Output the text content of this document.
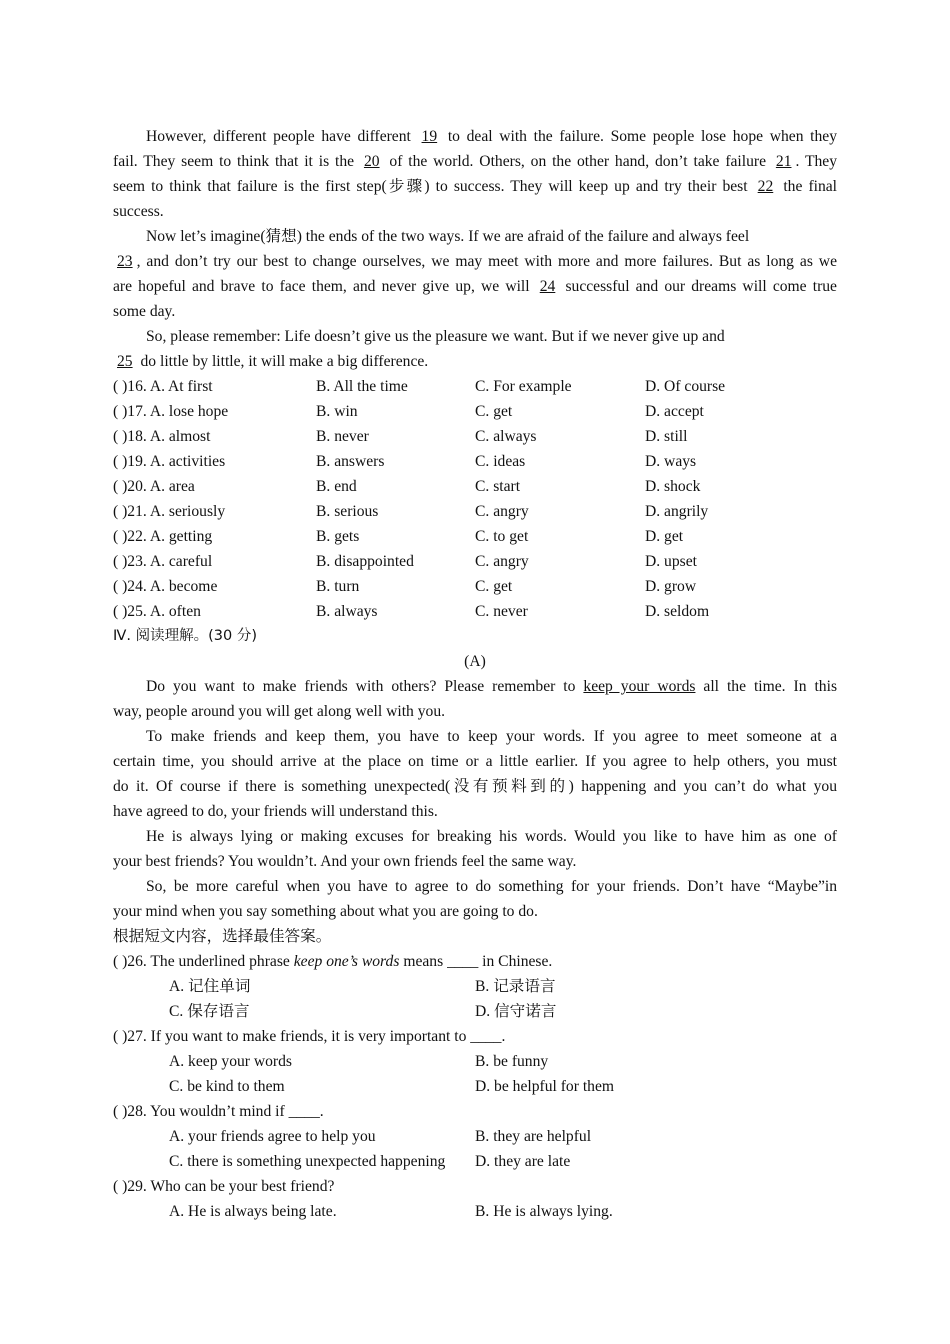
However, different people have different 19 to deal with the failure. Some people lose hope when they
fail. They seem to think that it is the 20 of the world. Others, on the other hand, don’t take failure 21 . They
seem to think that failure is the first step(步骤) to success. They will keep up and try their best 22 the final
success.
Now let’s imagine(猜想) the ends of the two ways. If we are afraid of the failure and always feel
23 , and don’t try our best to change ourselves, we may meet with more and more failures. But as long as we
are hopeful and brave to face them, and never give up, we will 24 successful and our dreams will come true
some day.
So, please remember: Life doesn’t give us the pleasure we want. But if we never give up and
25 do little by little, it will make a big difference.
( )16. A. At first	B. All the time	C. For example	D. Of course
( )17. A. lose hope	B. win	C. get	D. accept
( )18. A. almost	B. never	C. always	D. still
( )19. A. activities	B. answers	C. ideas	D. ways
( )20. A. area	B. end	C. start	D. shock
( )21. A. seriously	B. serious	C. angry	D. angrily
( )22. A. getting	B. gets	C. to get	D. get
( )23. A. careful	B. disappointed	C. angry	D. upset
( )24. A. become	B. turn	C. get	D. grow
( )25. A. often	B. always	C. never	D. seldom
Ⅳ. 阅读理解。(30 分)
(A)
Do you want to make friends with others? Please remember to keep your words all the time. In this
way, people around you will get along well with you.
To make friends and keep them, you have to keep your words. If you agree to meet someone at a
certain time, you should arrive at the place on time or a little earlier. If you agree to help others, you must
do it. Of course if there is something unexpected(没有预料到的) happening and you can’t do what you
have agreed to do, your friends will understand this.
He is always lying or making excuses for breaking his words. Would you like to have him as one of
your best friends? You wouldn’t. And your own friends feel the same way.
So, be more careful when you have to agree to do something for your friends. Don’t have “Maybe”in
your mind when you say something about what you are going to do.
根据短文内容，选择最佳答案。
( )26. The underlined phrase keep one’s words means ____ in Chinese.
A. 记住单词	B. 记录语言
C. 保存语言	D. 信守诺言
( )27. If you want to make friends, it is very important to ____.
A. keep your words	B. be funny
C. be kind to them	D. be helpful for them
( )28. You wouldn’t mind if ____.
A. your friends agree to help you	B. they are helpful
C. there is something unexpected happening D. they are late
( )29. Who can be your best friend?
A. He is always being late.	B. He is always lying.
